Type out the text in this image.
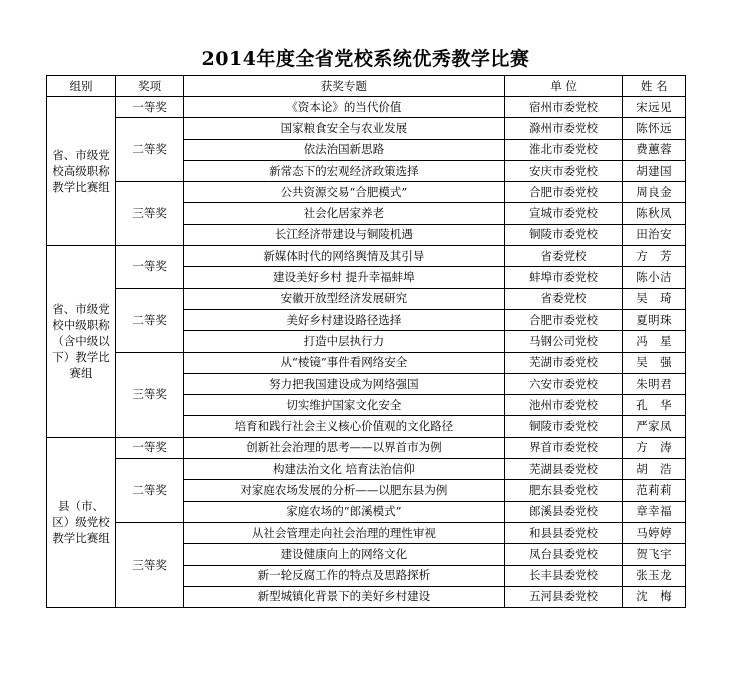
2014年度全省党校系统优秀教学比赛
组别	奖项	获奖专题	单 位	姓 名
省、市级党校高级职称教学比赛组	一等奖	《资本论》的当代价值	宿州市委党校	宋远见
	二等奖	国家粮食安全与农业发展	滁州市委党校	陈怀远
		依法治国新思路	淮北市委党校	费蕙蓉
		新常态下的宏观经济政策选择	安庆市委党校	胡建国
	三等奖	公共资源交易“合肥模式”	合肥市委党校	周良金
		社会化居家养老	宣城市委党校	陈秋凤
		长江经济带建设与铜陵机遇	铜陵市委党校	田治安
省、市级党校中级职称（含中级以下）教学比赛组	一等奖	新媒体时代的网络舆情及其引导	省委党校	方　芳
		建设美好乡村 提升幸福蚌埠	蚌埠市委党校	陈小洁
	二等奖	安徽开放型经济发展研究	省委党校	吴　琦
		美好乡村建设路径选择	合肥市委党校	夏明珠
		打造中层执行力	马钢公司党校	冯　星
	三等奖	从“棱镜”事件看网络安全	芜湖市委党校	吴　强
		努力把我国建设成为网络强国	六安市委党校	朱明君
		切实维护国家文化安全	池州市委党校	孔　华
		培育和践行社会主义核心价值观的文化路径	铜陵市委党校	严家凤
县（市、区）级党校教学比赛组	一等奖	创新社会治理的思考——以界首市为例	界首市委党校	方　涛
	二等奖	构建法治文化 培育法治信仰	芜湖县委党校	胡　浩
		对家庭农场发展的分析——以肥东县为例	肥东县委党校	范莉莉
		家庭农场的“郎溪模式”	郎溪县委党校	章幸福
	三等奖	从社会管理走向社会治理的理性审视	和县县委党校	马婷婷
		建设健康向上的网络文化	凤台县委党校	贺飞宇
		新一轮反腐工作的特点及思路探析	长丰县委党校	张玉龙
		新型城镇化背景下的美好乡村建设	五河县委党校	沈　梅
